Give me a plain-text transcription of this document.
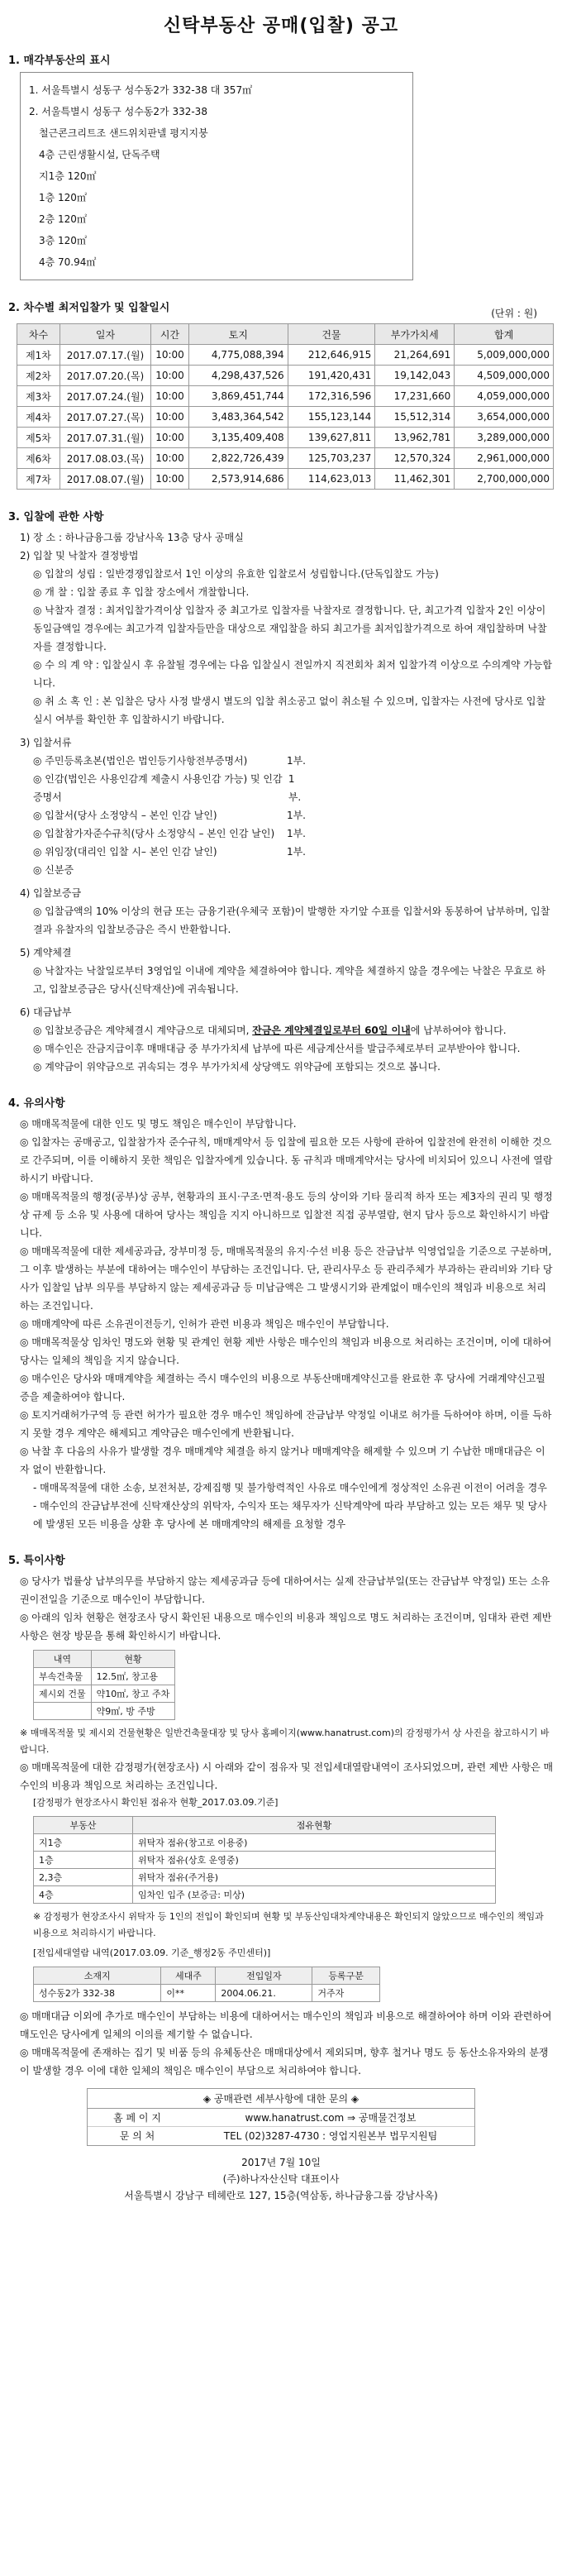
신탁부동산 공매(입찰) 공고
1. 매각부동산의 표시
1. 서울특별시 성동구 성수동2가 332-38 대 357㎡
2. 서울특별시 성동구 성수동2가 332-38
철근콘크리트조 샌드위치판넬 평지지붕
4층 근린생활시설, 단독주택
지1층 120㎡
1층 120㎡
2층 120㎡
3층 120㎡
4층 70.94㎡
2. 차수별 최저입찰가 및 입찰일시	(단위 : 원)
차수	일자	시간	토지	건물	부가가치세	합계
제1차	2017.07.17.(월)	10:00	4,775,088,394	212,646,915	21,264,691	5,009,000,000
제2차	2017.07.20.(목)	10:00	4,298,437,526	191,420,431	19,142,043	4,509,000,000
제3차	2017.07.24.(월)	10:00	3,869,451,744	172,316,596	17,231,660	4,059,000,000
제4차	2017.07.27.(목)	10:00	3,483,364,542	155,123,144	15,512,314	3,654,000,000
제5차	2017.07.31.(월)	10:00	3,135,409,408	139,627,811	13,962,781	3,289,000,000
제6차	2017.08.03.(목)	10:00	2,822,726,439	125,703,237	12,570,324	2,961,000,000
제7차	2017.08.07.(월)	10:00	2,573,914,686	114,623,013	11,462,301	2,700,000,000
3. 입찰에 관한 사항
1) 장 소 : 하나금융그룹 강남사옥 13층 당사 공매실
2) 입찰 및 낙찰자 결정방법
◎ 입찰의 성립 : 일반경쟁입찰로서 1인 이상의 유효한 입찰로서 성립합니다.(단독입찰도 가능)
◎ 개 찰 : 입찰 종료 후 입찰 장소에서 개찰합니다.
◎ 낙찰자 결정 : 최저입찰가격이상 입찰자 중 최고가로 입찰자를 낙찰자로 결정합니다. 단, 최고가격 입찰자 2인 이상이 동일금액일 경우에는 최고가격 입찰자들만을 대상으로 재입찰을 하되 최고가를 최저입찰가격으로 하여 재입찰하며 낙찰자를 결정합니다.
◎ 수 의 계 약 : 입찰실시 후 유찰될 경우에는 다음 입찰실시 전일까지 직전회차 최저 입찰가격 이상으로 수의계약 가능합니다.
◎ 취 소 혹 인 : 본 입찰은 당사 사정 발생시 별도의 입찰 취소공고 없이 취소될 수 있으며, 입찰자는 사전에 당사로 입찰 실시 여부를 확인한 후 입찰하시기 바랍니다.
3) 입찰서류
◎ 주민등록초본(법인은 법인등기사항전부증명서)	1부.
◎ 인감(법인은 사용인감계 제출시 사용인감 가능) 및 인감증명서
1부.
◎ 입찰서(당사 소정양식 – 본인 인감 날인)	1부.
◎ 입찰참가자준수규칙(당사 소정양식 – 본인 인감 날인) 1부.
◎ 위임장(대리인 입찰 시– 본인 인감 날인)	1부.
◎ 신분증
4) 입찰보증금
◎ 입찰금액의 10% 이상의 현금 또는 금융기관(우체국 포함)이 발행한 자기앞 수표를 입찰서와 동봉하여 납부하며, 입찰결과 유찰자의 입찰보증금은 즉시 반환합니다.
5) 계약체결
◎ 낙찰자는 낙찰일로부터 3영업일 이내에 계약을 체결하여야 합니다. 계약을 체결하지 않을 경우에는 낙찰은 무효로 하고, 입찰보증금은 당사(신탁재산)에 귀속됩니다.
6) 대금납부
◎ 입찰보증금은 계약체결시 계약금으로 대체되며, 잔금은 계약체결일로부터 60일 이내에 납부하여야 합니다.
◎ 매수인은 잔금지급이후 매매대금 중 부가가치세 납부에 따른 세금계산서를 발급주체로부터 교부받아야 합니다.
◎ 계약금이 위약금으로 귀속되는 경우 부가가치세 상당액도 위약금에 포함되는 것으로 봅니다.
4. 유의사항
◎ 매매목적물에 대한 인도 및 명도 책임은 매수인이 부담합니다.
◎ 입찰자는 공매공고, 입찰참가자 준수규칙, 매매계약서 등 입찰에 필요한 모든 사항에 관하여 입찰전에 완전히 이해한 것으로 간주되며, 이를 이해하지 못한 책임은 입찰자에게 있습니다. 동 규칙과 매매계약서는 당사에 비치되어 있으니 사전에 열람하시기 바랍니다.
◎ 매매목적물의 행정(공부)상 공부, 현황과의 표시·구조·면적·용도 등의 상이와 기타 물리적 하자 또는 제3자의 권리 및 행정상 규제 등 소유 및 사용에 대하여 당사는 책임을 지지 아니하므로 입찰전 직접 공부열람, 현지 답사 등으로 확인하시기 바랍니다.
◎ 매매목적물에 대한 제세공과금, 장부미정 등, 매매목적물의 유지·수선 비용 등은 잔금납부 익영업일을 기준으로 구분하며, 그 이후 발생하는 부분에 대하여는 매수인이 부담하는 조건입니다. 단, 관리사무소 등 관리주체가 부과하는 관리비와 기타 당사가 입찰일 납부 의무를 부담하지 않는 제세공과금 등 미납금액은 그 발생시기와 관계없이 매수인의 책임과 비용으로 처리하는 조건입니다.
◎ 매매계약에 따른 소유권이전등기, 인허가 관련 비용과 책임은 매수인이 부담합니다.
◎ 매매목적물상 임차인 명도와 현황 및 관계인 현황 제반 사항은 매수인의 책임과 비용으로 처리하는 조건이며, 이에 대하여 당사는 일체의 책임을 지지 않습니다.
◎ 매수인은 당사와 매매계약을 체결하는 즉시 매수인의 비용으로 부동산매매계약신고를 완료한 후 당사에 거래계약신고필증을 제출하여야 합니다.
◎ 토지거래허가구역 등 관련 허가가 필요한 경우 매수인 책임하에 잔금납부 약정일 이내로 허가를 득하여야 하며, 이를 득하지 못할 경우 계약은 해제되고 계약금은 매수인에게 반환됩니다.
◎ 낙찰 후 다음의 사유가 발생할 경우 매매계약 체결을 하지 않거나 매매계약을 해제할 수 있으며 기 수납한 매매대금은 이자 없이 반환합니다.
- 매매목적물에 대한 소송, 보전처분, 강제집행 및 불가항력적인 사유로 매수인에게 정상적인 소유권 이전이 어려울 경우
- 매수인의 잔금납부전에 신탁재산상의 위탁자, 수익자 또는 채무자가 신탁계약에 따라 부담하고 있는 모든 채무 및 당사에 발생된 모든 비용을 상환 후 당사에 본 매매계약의 해제를 요청할 경우
5. 특이사항
◎ 당사가 법률상 납부의무를 부담하지 않는 제세공과금 등에 대하여서는 실제 잔금납부일(또는 잔금납부 약정일) 또는 소유권이전일을 기준으로 매수인이 부담합니다.
◎ 아래의 임차 현황은 현장조사 당시 확인된 내용으로 매수인의 비용과 책임으로 명도 처리하는 조건이며, 임대차 관련 제반 사항은 현장 방문을 통해 확인하시기 바랍니다.
내역	현황
부속건축물	12.5㎡, 창고용
제시외 건물	약10㎡, 창고 주차
	약9㎡, 방 주방
※ 매매목적물 및 제시외 건물현황은 일반건축물대장 및 당사 홈페이지(www.hanatrust.com)의 감정평가서 상 사진을 참고하시기 바랍니다.
◎ 매매목적물에 대한 감정평가(현장조사) 시 아래와 같이 점유자 및 전입세대열람내역이 조사되었으며, 관련 제반 사항은 매수인의 비용과 책임으로 처리하는 조건입니다.
[감정평가 현장조사시 확인된 점유자 현황_2017.03.09.기준]
부동산	점유현황
지1층	위탁자 점유(창고로 이용중)
1층	위탁자 점유(상호 운영중)
2,3층	위탁자 점유(주거용)
4층	임차인 입주 (보증금: 미상)
※ 감정평가 현장조사시 위탁자 등 1인의 전입이 확인되며 현황 및 부동산임대차계약내용은 확인되지 않았으므로 매수인의 책임과 비용으로 처리하시기 바랍니다.
[전입세대열람 내역(2017.03.09. 기준_행정2동 주민센터)]
소재지	세대주	전입일자	등록구분
성수동2가 332-38	이**	2004.06.21.	거주자
◎ 매매대금 이외에 추가로 매수인이 부담하는 비용에 대하여서는 매수인의 책임과 비용으로 해결하여야 하며 이와 관련하여 매도인은 당사에게 일체의 이의를 제기할 수 없습니다.
◎ 매매목적물에 존재하는 집기 및 비품 등의 유체동산은 매매대상에서 제외되며, 향후 철거나 명도 등 동산소유자와의 분쟁이 발생할 경우 이에 대한 일체의 책임은 매수인이 부담으로 처리하여야 합니다.
◈ 공매관련 세부사항에 대한 문의 ◈
홈 페 이 지	www.hanatrust.com ⇒ 공매물건정보
문 의 처	TEL (02)3287-4730 : 영업지원본부 법무지원팀
2017년 7월 10일
(주)하나자산신탁 대표이사
서울특별시 강남구 테헤란로 127, 15층(역삼동, 하나금융그룹 강남사옥)
